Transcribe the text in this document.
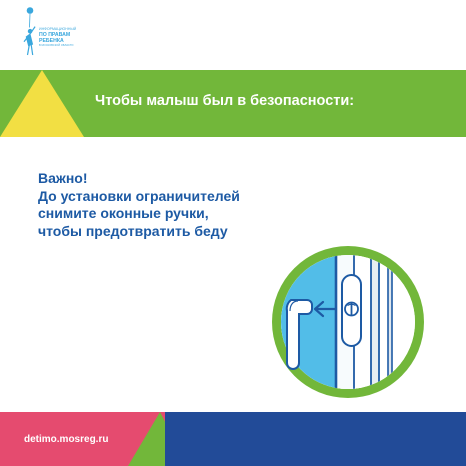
ИНФОРМАЦИОННЫЙ
ПО ПРАВАМ
РЕБЕНКА
В МОСКОВСКОЙ ОБЛАСТИ
Чтобы малыш был в безопасности:
Важно!
До установки ограничителей
снимите оконные ручки,
чтобы предотвратить беду
detimo.mosreg.ru
